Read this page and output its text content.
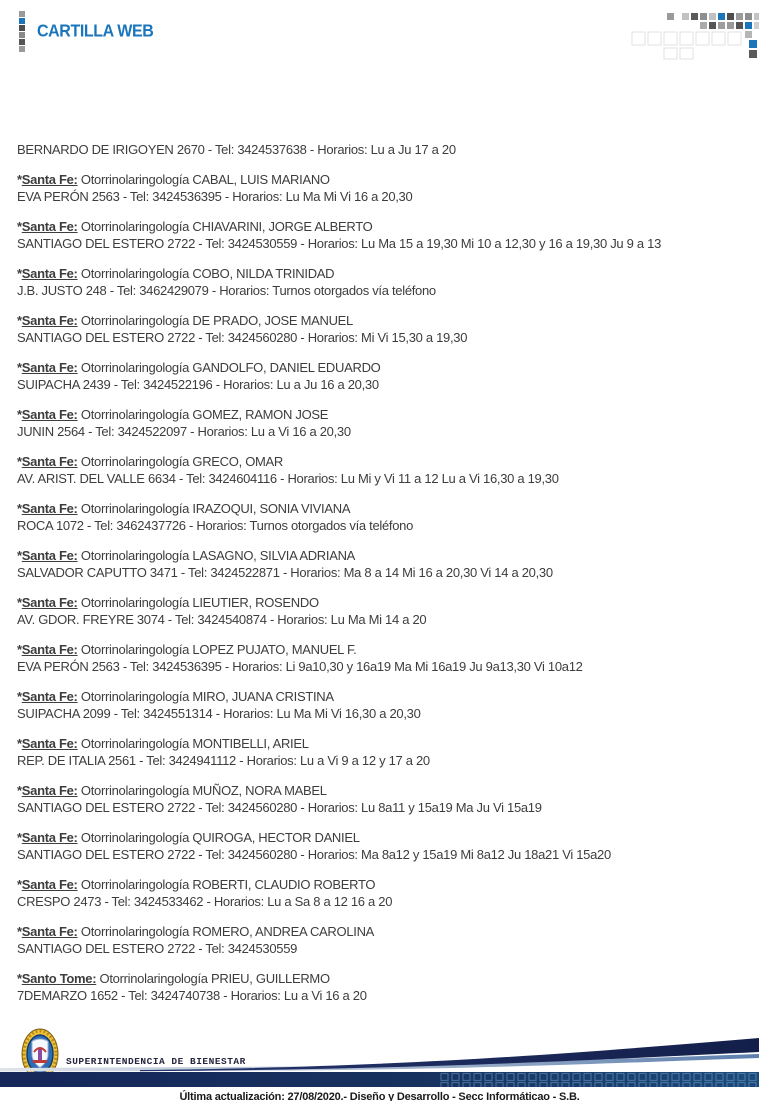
CARTILLA WEB
BERNARDO DE IRIGOYEN 2670 - Tel: 3424537638 - Horarios: Lu a Ju 17 a 20
*Santa Fe: Otorrinolaringología CABAL, LUIS MARIANO
EVA PERÓN 2563 - Tel: 3424536395 - Horarios: Lu Ma Mi Vi 16 a 20,30
*Santa Fe: Otorrinolaringología CHIAVARINI, JORGE ALBERTO
SANTIAGO DEL ESTERO 2722 - Tel: 3424530559 - Horarios: Lu Ma 15 a 19,30 Mi 10 a 12,30 y 16 a 19,30 Ju 9 a 13
*Santa Fe: Otorrinolaringología COBO, NILDA TRINIDAD
J.B. JUSTO 248 - Tel: 3462429079 - Horarios: Turnos otorgados vía teléfono
*Santa Fe: Otorrinolaringología DE PRADO, JOSE MANUEL
SANTIAGO DEL ESTERO 2722 - Tel: 3424560280 - Horarios: Mi Vi 15,30 a 19,30
*Santa Fe: Otorrinolaringología GANDOLFO, DANIEL EDUARDO
SUIPACHA 2439 - Tel: 3424522196 - Horarios: Lu a Ju 16 a 20,30
*Santa Fe: Otorrinolaringología GOMEZ, RAMON JOSE
JUNIN 2564 - Tel: 3424522097 - Horarios: Lu a Vi 16 a 20,30
*Santa Fe: Otorrinolaringología GRECO, OMAR
AV. ARIST. DEL VALLE 6634 - Tel: 3424604116 - Horarios: Lu Mi y Vi 11 a 12 Lu a Vi 16,30 a 19,30
*Santa Fe: Otorrinolaringología IRAZOQUI, SONIA VIVIANA
ROCA 1072 - Tel: 3462437726 - Horarios: Turnos otorgados vía teléfono
*Santa Fe: Otorrinolaringología LASAGNO, SILVIA ADRIANA
SALVADOR CAPUTTO 3471 - Tel: 3424522871 - Horarios: Ma 8 a 14 Mi 16 a 20,30 Vi 14 a 20,30
*Santa Fe: Otorrinolaringología LIEUTIER, ROSENDO
AV. GDOR. FREYRE 3074 - Tel: 3424540874 - Horarios: Lu Ma Mi 14 a 20
*Santa Fe: Otorrinolaringología LOPEZ PUJATO, MANUEL F.
EVA PERÓN 2563 - Tel: 3424536395 - Horarios: Li 9a10,30 y 16a19 Ma Mi 16a19 Ju 9a13,30 Vi 10a12
*Santa Fe: Otorrinolaringología MIRO, JUANA CRISTINA
SUIPACHA 2099 - Tel: 3424551314 - Horarios: Lu Ma Mi Vi 16,30 a 20,30
*Santa Fe: Otorrinolaringología MONTIBELLI, ARIEL
REP. DE ITALIA 2561 - Tel: 3424941112 - Horarios: Lu a Vi 9 a 12 y 17 a 20
*Santa Fe: Otorrinolaringología MUÑOZ, NORA MABEL
SANTIAGO DEL ESTERO 2722 - Tel: 3424560280 - Horarios: Lu 8a11 y 15a19 Ma Ju Vi 15a19
*Santa Fe: Otorrinolaringología QUIROGA, HECTOR DANIEL
SANTIAGO DEL ESTERO 2722 - Tel: 3424560280 - Horarios: Ma 8a12 y 15a19 Mi 8a12 Ju 18a21 Vi 15a20
*Santa Fe: Otorrinolaringología ROBERTI, CLAUDIO ROBERTO
CRESPO 2473 - Tel: 3424533462 - Horarios: Lu a Sa 8 a 12 16 a 20
*Santa Fe: Otorrinolaringología ROMERO, ANDREA CAROLINA
SANTIAGO DEL ESTERO 2722 - Tel: 3424530559
*Santo Tome: Otorrinolaringología PRIEU, GUILLERMO
7DEMARZO 1652 - Tel: 3424740738 - Horarios: Lu a Vi 16 a 20
SUPERINTENDENCIA DE BIENESTAR
Última actualización: 27/08/2020.- Diseño y Desarrollo - Secc Informáticao - S.B.
